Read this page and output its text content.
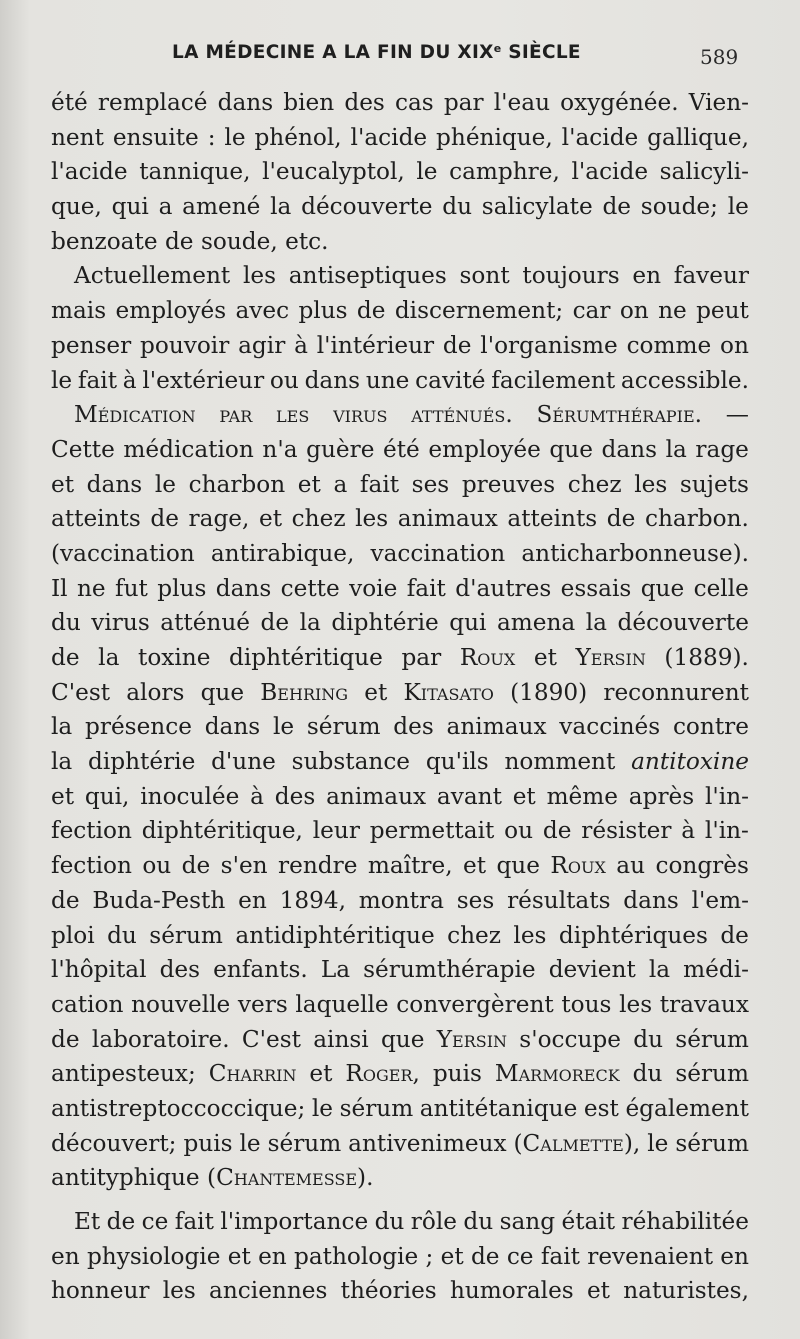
LA MÉDECINE A LA FIN DU XIXe SIÈCLE	589
été remplacé dans bien des cas par l'eau oxygénée. Vien-
nent ensuite : le phénol, l'acide phénique, l'acide gallique,
l'acide tannique, l'eucalyptol, le camphre, l'acide salicyli-
que, qui a amené la découverte du salicylate de soude; le
benzoate de soude, etc.
Actuellement les antiseptiques sont toujours en faveur
mais employés avec plus de discernement; car on ne peut
penser pouvoir agir à l'intérieur de l'organisme comme on
le fait à l'extérieur ou dans une cavité facilement accessible.
Médication par les virus atténués. Sérumthérapie. —
Cette médication n'a guère été employée que dans la rage
et dans le charbon et a fait ses preuves chez les sujets
atteints de rage, et chez les animaux atteints de charbon.
(vaccination antirabique, vaccination anticharbonneuse).
Il ne fut plus dans cette voie fait d'autres essais que celle
du virus atténué de la diphtérie qui amena la découverte
de la toxine diphtéritique par Roux et Yersin (1889).
C'est alors que Behring et Kitasato (1890) reconnurent
la présence dans le sérum des animaux vaccinés contre
la diphtérie d'une substance qu'ils nomment antitoxine
et qui, inoculée à des animaux avant et même après l'in-
fection diphtéritique, leur permettait ou de résister à l'in-
fection ou de s'en rendre maître, et que Roux au congrès
de Buda-Pesth en 1894, montra ses résultats dans l'em-
ploi du sérum antidiphtéritique chez les diphtériques de
l'hôpital des enfants. La sérumthérapie devient la médi-
cation nouvelle vers laquelle convergèrent tous les travaux
de laboratoire. C'est ainsi que Yersin s'occupe du sérum
antipesteux; Charrin et Roger, puis Marmoreck du sérum
antistreptoccoccique; le sérum antitétanique est également
découvert; puis le sérum antivenimeux (Calmette), le sérum
antityphique (Chantemesse).
Et de ce fait l'importance du rôle du sang était réhabilitée
en physiologie et en pathologie ; et de ce fait revenaient en
honneur les anciennes théories humorales et naturistes,
